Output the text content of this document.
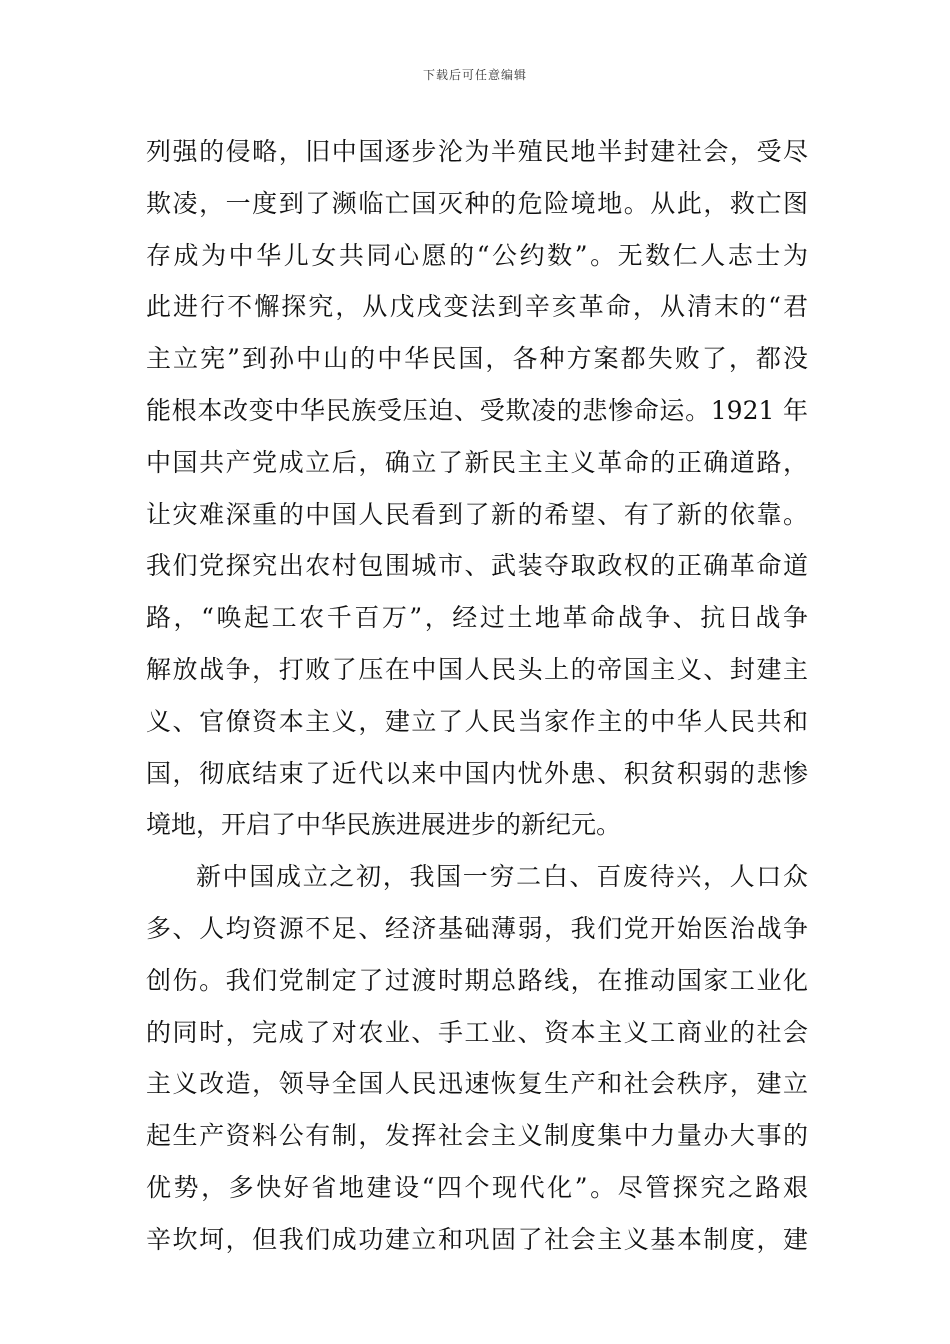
下载后可任意编辑
列强的侵略，旧中国逐步沦为半殖民地半封建社会，受尽
欺凌，一度到了濒临亡国灭种的危险境地。从此，救亡图
存成为中华儿女共同心愿的“公约数”。无数仁人志士为
此进行不懈探究，从戊戌变法到辛亥革命，从清末的“君
主立宪”到孙中山的中华民国，各种方案都失败了，都没
能根本改变中华民族受压迫、受欺凌的悲惨命运。1921 年
中国共产党成立后，确立了新民主主义革命的正确道路，
让灾难深重的中国人民看到了新的希望、有了新的依靠。
我们党探究出农村包围城市、武装夺取政权的正确革命道
路，“唤起工农千百万”，经过土地革命战争、抗日战争
解放战争，打败了压在中国人民头上的帝国主义、封建主
义、官僚资本主义，建立了人民当家作主的中华人民共和
国，彻底结束了近代以来中国内忧外患、积贫积弱的悲惨
境地，开启了中华民族进展进步的新纪元。
新中国成立之初，我国一穷二白、百废待兴，人口众
多、人均资源不足、经济基础薄弱，我们党开始医治战争
创伤。我们党制定了过渡时期总路线，在推动国家工业化
的同时，完成了对农业、手工业、资本主义工商业的社会
主义改造，领导全国人民迅速恢复生产和社会秩序，建立
起生产资料公有制，发挥社会主义制度集中力量办大事的
优势，多快好省地建设“四个现代化”。尽管探究之路艰
辛坎坷，但我们成功建立和巩固了社会主义基本制度，建
